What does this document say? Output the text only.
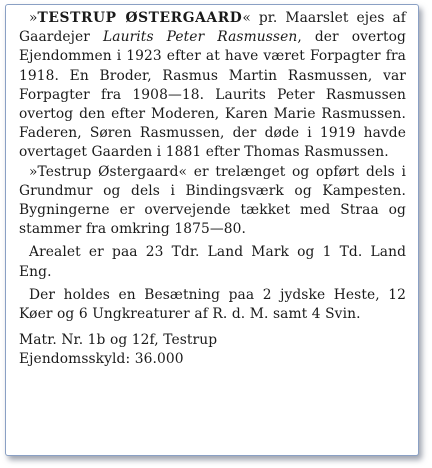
»TESTRUP ØSTERGAARD« pr. Maarslet ejes af Gaardejer Laurits Peter Rasmussen, der overtog Ejendommen i 1923 efter at have været Forpagter fra 1918. En Broder, Rasmus Martin Rasmussen, var Forpagter fra 1908—18. Laurits Peter Rasmussen overtog den efter Moderen, Karen Marie Rasmussen. Faderen, Søren Rasmussen, der døde i 1919 havde overtaget Gaarden i 1881 efter Thomas Rasmussen.

»Testrup Østergaard« er trelænget og opført dels i Grundmur og dels i Bindingsværk og Kampesten. Bygningerne er overvejende tækket med Straa og stammer fra omkring 1875—80.

Arealet er paa 23 Tdr. Land Mark og 1 Td. Land Eng.

Der holdes en Besætning paa 2 jydske Heste, 12 Køer og 6 Ungkreaturer af R. d. M. samt 4 Svin.

Matr. Nr. 1b og 12f, Testrup
Ejendomsskyld: 36.000
